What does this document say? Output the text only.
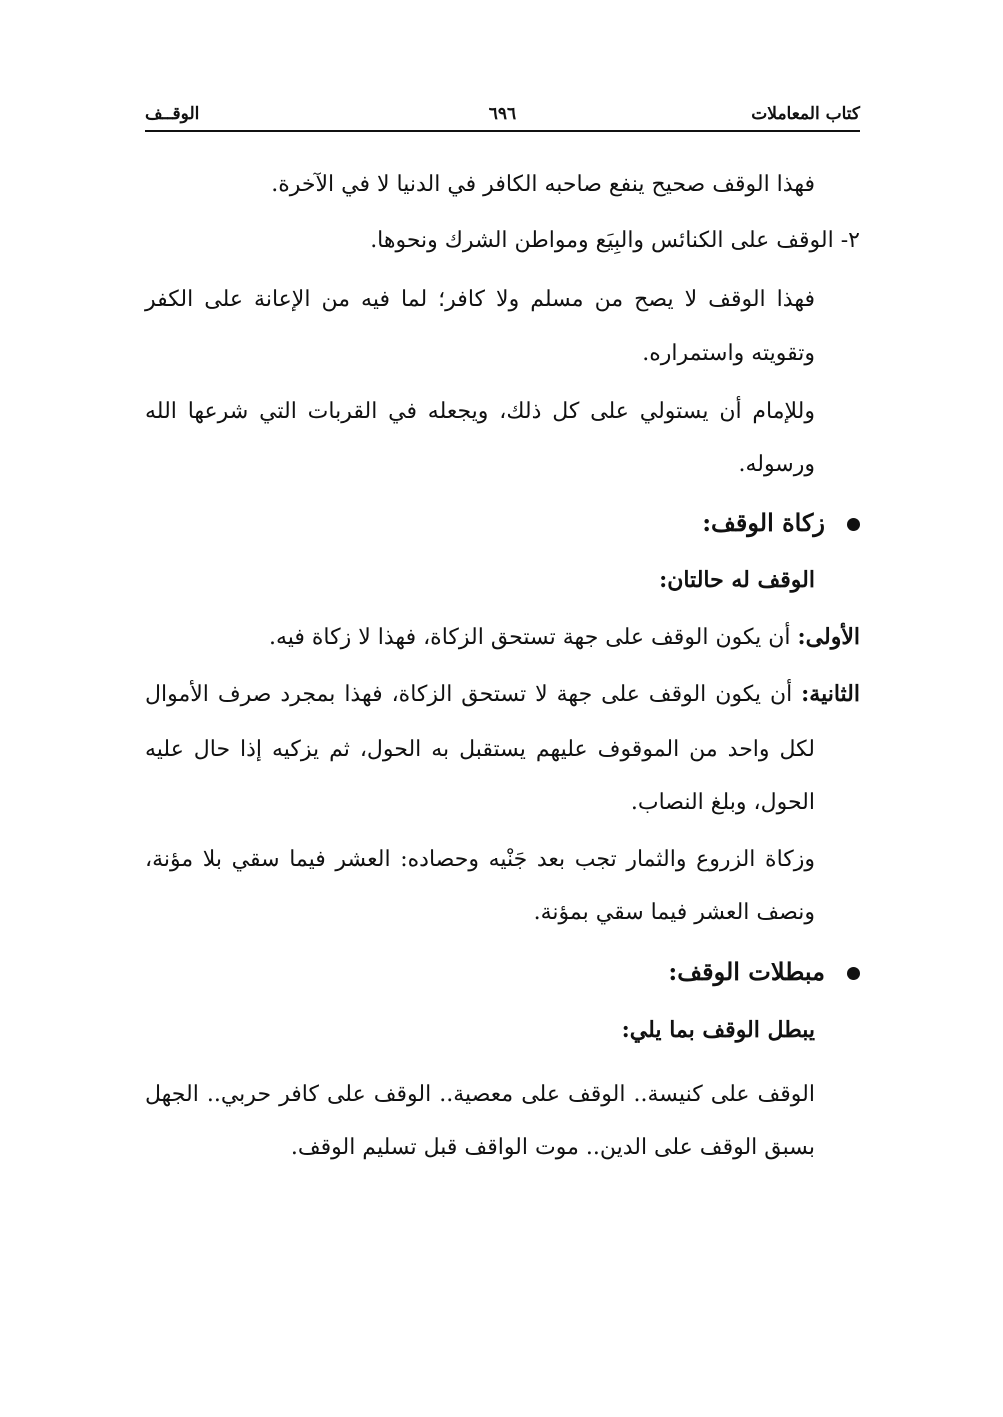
كتاب المعاملات
٦٩٦
الوقــف
فهذا الوقف صحيح ينفع صاحبه الكافر في الدنيا لا في الآخرة.
٢- الوقف على الكنائس والبِيَع ومواطن الشرك ونحوها.
فهذا الوقف لا يصح من مسلم ولا كافر؛ لما فيه من الإعانة على الكفر
وتقويته واستمراره.
وللإمام أن يستولي على كل ذلك، ويجعله في القربات التي شرعها الله
ورسوله.
زكاة الوقف:
الوقف له حالتان:
الأولى: أن يكون الوقف على جهة تستحق الزكاة، فهذا لا زكاة فيه.
الثانية: أن يكون الوقف على جهة لا تستحق الزكاة، فهذا بمجرد صرف الأموال
لكل واحد من الموقوف عليهم يستقبل به الحول، ثم يزكيه إذا حال عليه
الحول، وبلغ النصاب.
وزكاة الزروع والثمار تجب بعد جَنْيه وحصاده: العشر فيما سقي بلا مؤنة،
ونصف العشر فيما سقي بمؤنة.
مبطلات الوقف:
يبطل الوقف بما يلي:
الوقف على كنيسة.. الوقف على معصية.. الوقف على كافر حربي.. الجهل
بسبق الوقف على الدين.. موت الواقف قبل تسليم الوقف.
